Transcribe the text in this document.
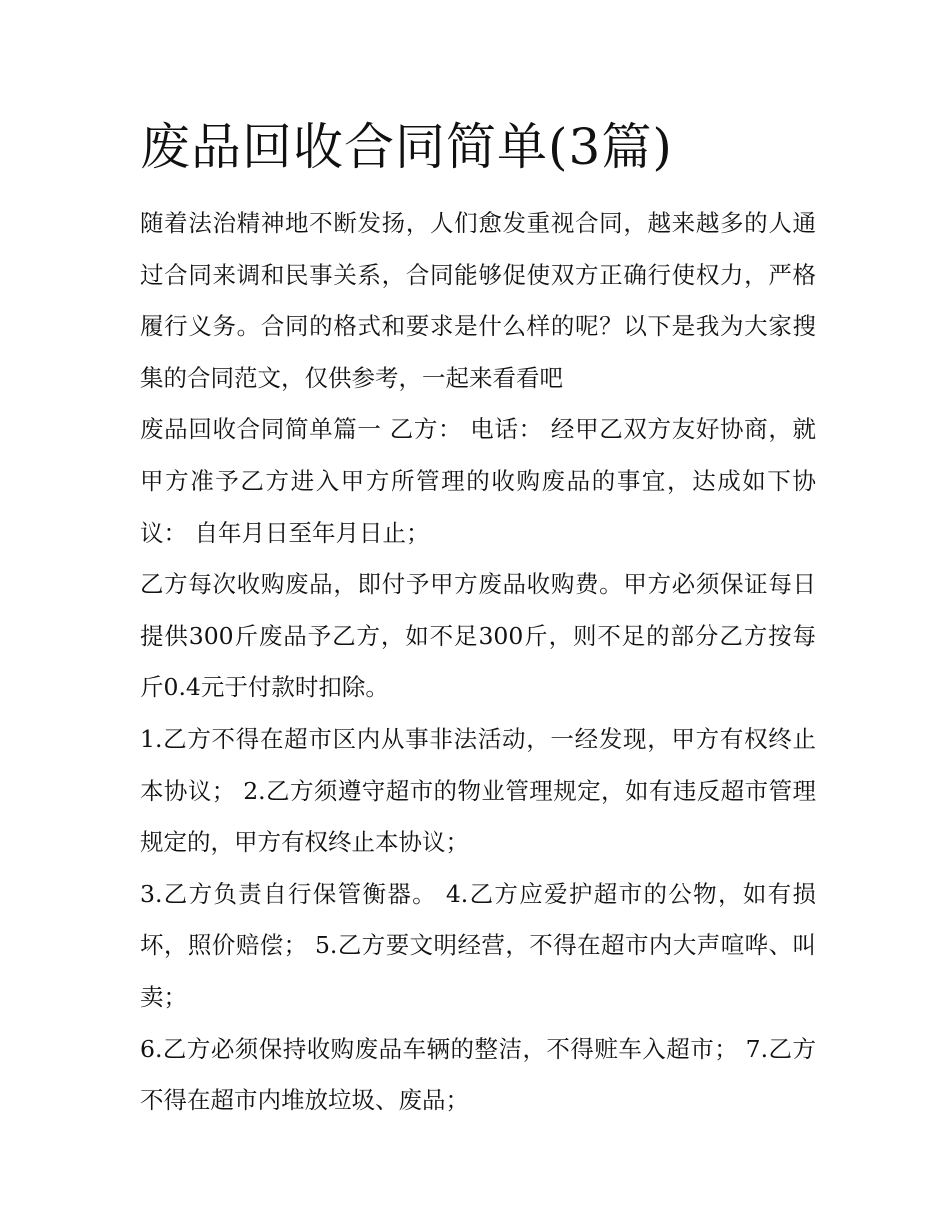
废品回收合同简单(3篇)

随着法治精神地不断发扬，人们愈发重视合同，越来越多的人通过合同来调和民事关系，合同能够促使双方正确行使权力，严格履行义务。合同的格式和要求是什么样的呢？以下是我为大家搜集的合同范文，仅供参考，一起来看看吧

废品回收合同简单篇一 乙方： 电话： 经甲乙双方友好协商，就甲方准予乙方进入甲方所管理的收购废品的事宜，达成如下协议： 自年月日至年月日止；

乙方每次收购废品，即付予甲方废品收购费。甲方必须保证每日提供300斤废品予乙方，如不足300斤，则不足的部分乙方按每斤0.4元于付款时扣除。

1.乙方不得在超市区内从事非法活动，一经发现，甲方有权终止本协议； 2.乙方须遵守超市的物业管理规定，如有违反超市管理规定的，甲方有权终止本协议；

3.乙方负责自行保管衡器。 4.乙方应爱护超市的公物，如有损坏，照价赔偿； 5.乙方要文明经营，不得在超市内大声喧哗、叫卖；

6.乙方必须保持收购废品车辆的整洁，不得赃车入超市； 7.乙方不得在超市内堆放垃圾、废品；
